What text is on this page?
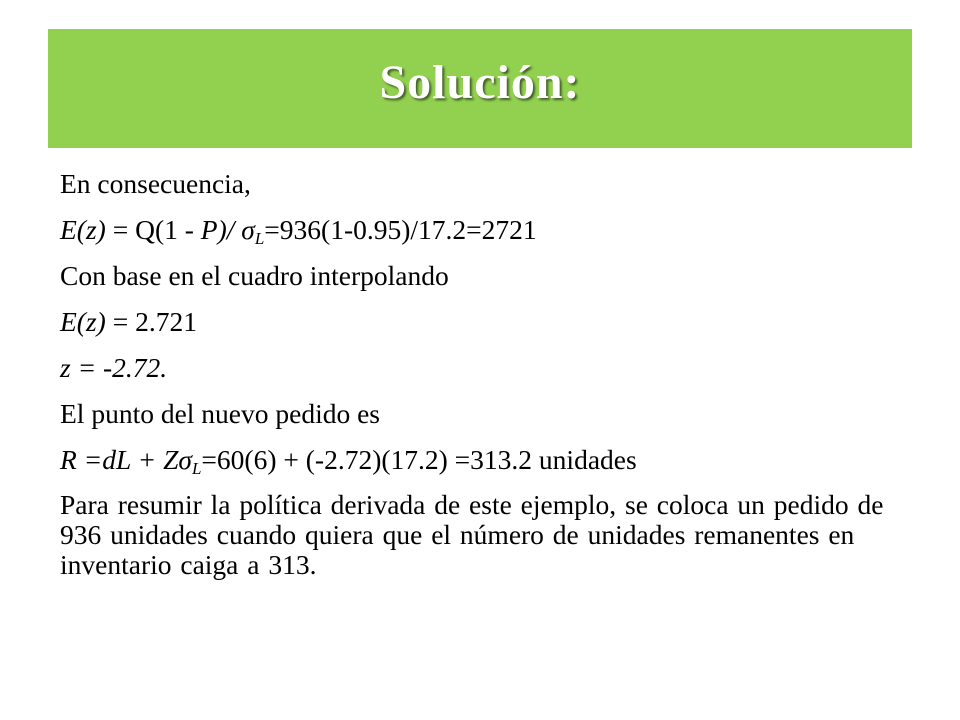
Solución:

En consecuencia,

E(z) = Q(1 - P)/ $\sigma_L=936(1-0.95)/17.2=2721$

Con base en el cuadro interpolando

E(z) = 2.721

z = -2.72.

El punto del nuevo pedido es

$R =dL + Z\sigma_L=60(6) + (-2.72)(17.2) =313.2$ unidades

Para resumir la política derivada de este ejemplo, se coloca un pedido de 936 unidades cuando quiera que el número de unidades remanentes en inventario caiga a 313.
